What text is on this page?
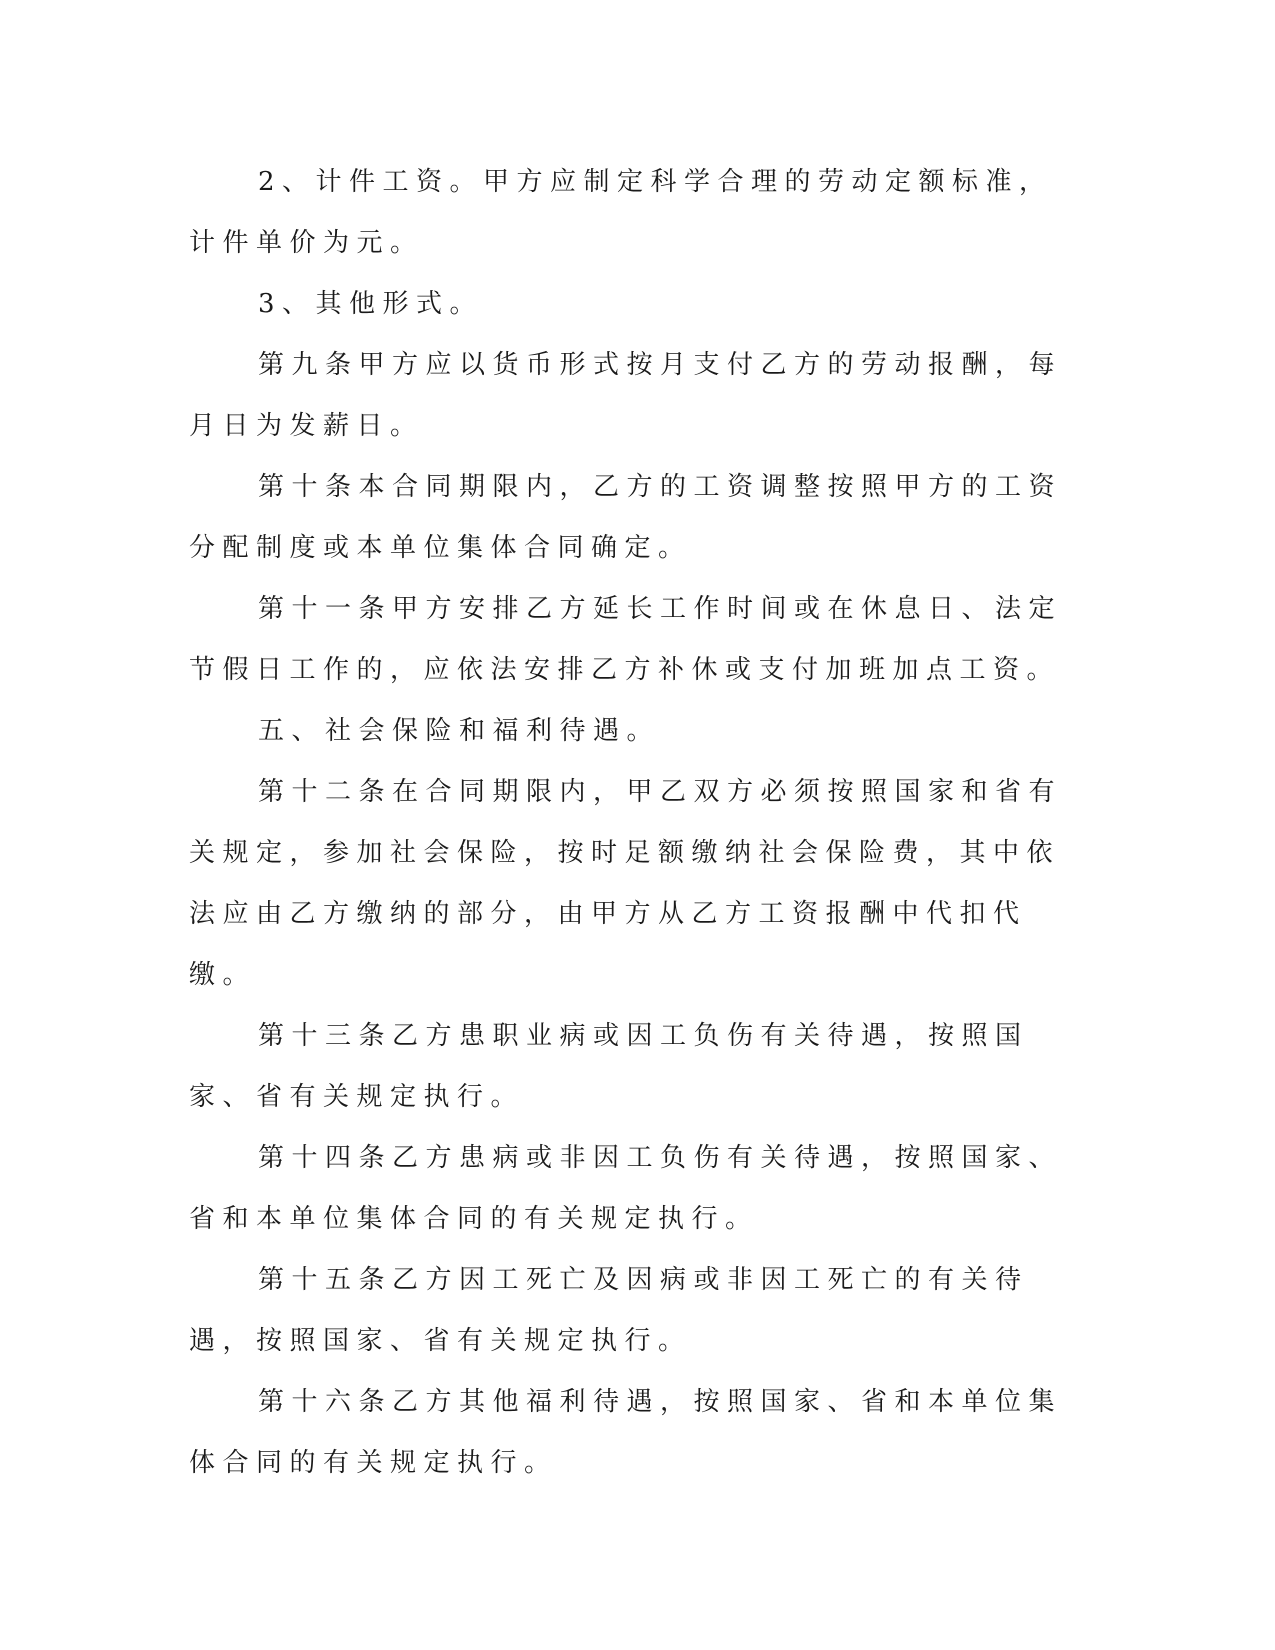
2、计件工资。甲方应制定科学合理的劳动定额标准，计件单价为元。

3、其他形式。

第九条甲方应以货币形式按月支付乙方的劳动报酬，每月日为发薪日。

第十条本合同期限内，乙方的工资调整按照甲方的工资分配制度或本单位集体合同确定。

第十一条甲方安排乙方延长工作时间或在休息日、法定节假日工作的，应依法安排乙方补休或支付加班加点工资。

五、社会保险和福利待遇。

第十二条在合同期限内，甲乙双方必须按照国家和省有关规定，参加社会保险，按时足额缴纳社会保险费，其中依法应由乙方缴纳的部分，由甲方从乙方工资报酬中代扣代缴。

第十三条乙方患职业病或因工负伤有关待遇，按照国家、省有关规定执行。

第十四条乙方患病或非因工负伤有关待遇，按照国家、省和本单位集体合同的有关规定执行。

第十五条乙方因工死亡及因病或非因工死亡的有关待遇，按照国家、省有关规定执行。

第十六条乙方其他福利待遇，按照国家、省和本单位集体合同的有关规定执行。
